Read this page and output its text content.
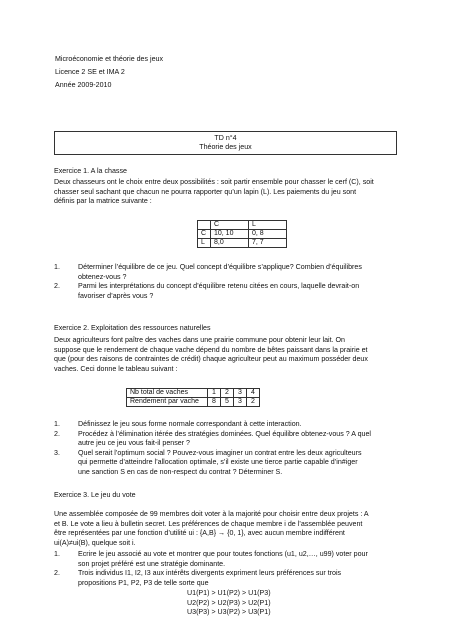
Microéconomie et théorie des jeux
Licence 2 SE et IMA 2
Année 2009-2010
TD n°4
Théorie des jeux
Exercice 1. A la chasse
Deux chasseurs ont le choix entre deux possibilités : soit partir ensemble pour chasser le cerf (C), soit
chasser seul sachant que chacun ne pourra rapporter qu’un lapin (L). Les paiements du jeu sont
définis par la matrice suivante :
	C	L
C	10, 10	0, 8
L	8,0	7, 7
1.	Déterminer l’équilibre de ce jeu. Quel concept d’équilibre s’applique? Combien d’équilibres
obtenez-vous ?
2.	Parmi les interprétations du concept d’équilibre retenu citées en cours, laquelle devrait-on
favoriser d’après vous ?
Exercice 2. Exploitation des ressources naturelles
Deux agriculteurs font paître des vaches dans une prairie commune pour obtenir leur lait. On
suppose que le rendement de chaque vache dépend du nombre de bêtes paissant dans la prairie et
que (pour des raisons de contraintes de crédit) chaque agriculteur peut au maximum posséder deux
vaches. Ceci donne le tableau suivant :
Nb total de vaches	1	2	3	4
Rendement par vache	8	5	3	2
1.	Définissez le jeu sous forme normale correspondant à cette interaction.
2.	Procédez à l’élimination itérée des stratégies dominées. Quel équilibre obtenez-vous ? A quel
autre jeu ce jeu vous fait-il penser ?
3.	Quel serait l’optimum social ? Pouvez-vous imaginer un contrat entre les deux agriculteurs
qui permette d’atteindre l’allocation optimale, s’il existe une tierce partie capable d’in#iger
une sanction S en cas de non-respect du contrat ? Déterminer S.
Exercice 3. Le jeu du vote
Une assemblée composée de 99 membres doit voter à la majorité pour choisir entre deux projets : A
et B. Le vote a lieu à bulletin secret. Les préférences de chaque membre i de l’assemblée peuvent
être représentées par une fonction d’utilité ui : {A,B} → {0, 1}, avec aucun membre indifférent
ui(A)≠ui(B), quelque soit i.
1.	Ecrire le jeu associé au vote et montrer que pour toutes fonctions (u1, u2,…, u99) voter pour
son projet préféré est une stratégie dominante.
2.	Trois individus I1, I2, I3 aux intérêts divergents expriment leurs préférences sur trois
propositions P1, P2, P3 de telle sorte que
U1(P1) > U1(P2) > U1(P3)
U2(P2) > U2(P3) > U2(P1)
U3(P3) > U3(P2) > U3(P1)
